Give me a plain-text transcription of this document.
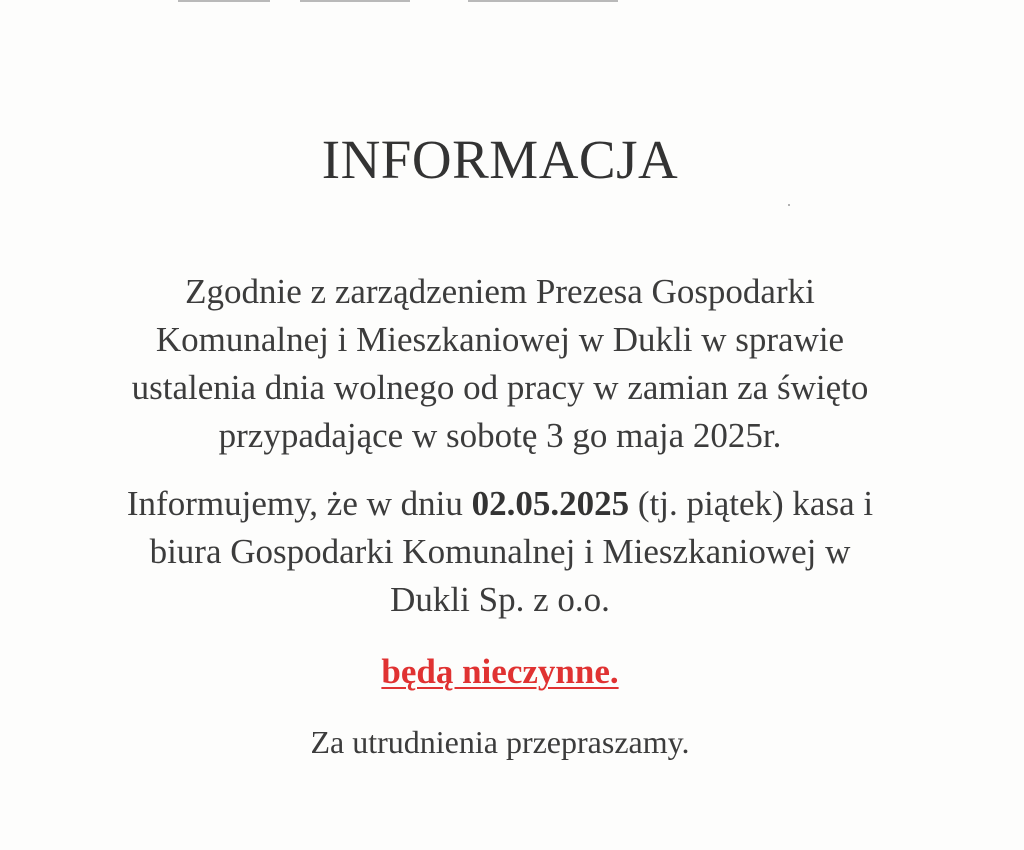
INFORMACJA
Zgodnie z zarządzeniem Prezesa Gospodarki
Komunalnej i Mieszkaniowej w Dukli w sprawie
ustalenia dnia wolnego od pracy w zamian za święto
przypadające w sobotę 3 go maja 2025r.
Informujemy, że w dniu 02.05.2025 (tj. piątek) kasa i
biura Gospodarki Komunalnej i Mieszkaniowej w
Dukli Sp. z o.o.
będą nieczynne.
Za utrudnienia przepraszamy.
